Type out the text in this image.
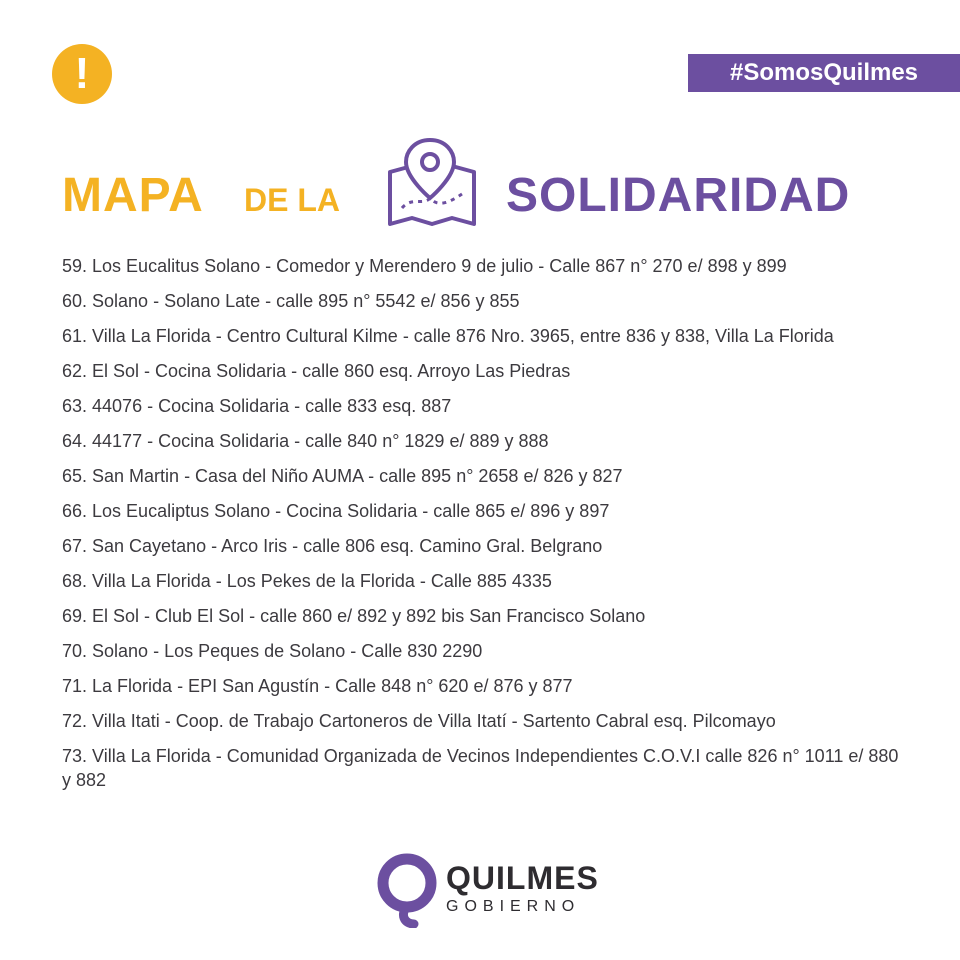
!	#SomosQuilmes
MAPA DE LA	SOLIDARIDAD
59. Los Eucalitus Solano - Comedor y Merendero 9 de julio - Calle 867 n° 270 e/ 898 y 899
60. Solano - Solano Late - calle 895 n° 5542 e/ 856 y 855
61. Villa La Florida - Centro Cultural Kilme - calle 876 Nro. 3965, entre 836 y 838, Villa La Florida
62. El Sol - Cocina Solidaria - calle 860 esq. Arroyo Las Piedras
63. 44076 - Cocina Solidaria - calle 833 esq. 887
64. 44177 - Cocina Solidaria - calle 840 n° 1829 e/ 889 y 888
65. San Martin - Casa del Niño AUMA - calle 895 n° 2658 e/ 826 y 827
66. Los Eucaliptus Solano - Cocina Solidaria - calle 865 e/ 896 y 897
67. San Cayetano - Arco Iris - calle 806 esq. Camino Gral. Belgrano
68. Villa La Florida - Los Pekes de la Florida - Calle 885 4335
69. El Sol - Club El Sol - calle 860 e/ 892 y 892 bis San Francisco Solano
70. Solano - Los Peques de Solano - Calle 830 2290
71. La Florida - EPI San Agustín - Calle 848 n° 620 e/ 876 y 877
72. Villa Itati - Coop. de Trabajo Cartoneros de Villa Itatí - Sartento Cabral esq. Pilcomayo
73. Villa La Florida - Comunidad Organizada de Vecinos Independientes C.O.V.I calle 826 n° 1011 e/ 880 y 882
QUILMES
GOBIERNO
